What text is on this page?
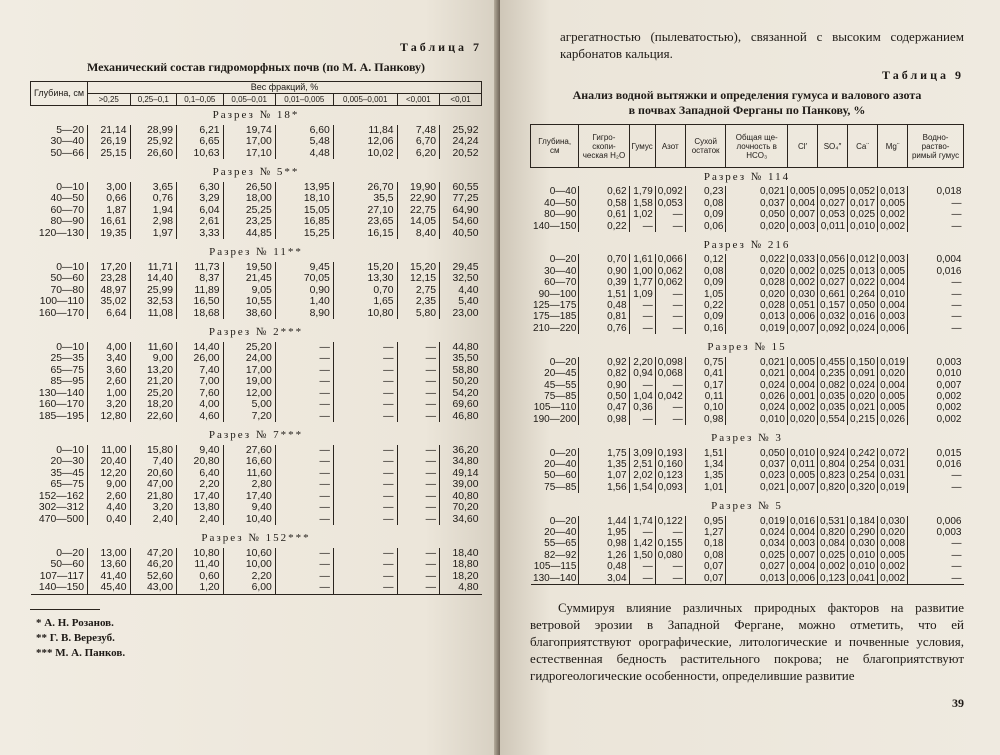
Таблица 7

Механический состав гидроморфных почв (по М. А. Панкову)

Глубина, см	Вес фракций, %							
	>0,25	0,25–0,1	0,1–0,05	0,05–0,01	0,01–0,005	0,005–0,001	<0,001	<0,01
Разрез № 18*								
5—20	21,14	28,99	6,21	19,74	6,60	11,84	7,48	25,92
30—40	26,19	25,92	6,65	17,00	5,48	12,06	6,70	24,24
50—66	25,15	26,60	10,63	17,10	4,48	10,02	6,20	20,52

Разрез № 5**								
0—10	3,00	3,65	6,30	26,50	13,95	26,70	19,90	60,55
40—50	0,66	0,76	3,29	18,00	18,10	35,5	22,90	77,25
60—70	1,87	1,94	6,04	25,25	15,05	27,10	22,75	64,90
80—90	16,61	2,98	2,61	23,25	16,85	23,65	14,05	54,60
120—130	19,35	1,97	3,33	44,85	15,25	16,15	8,40	40,50

Разрез № 11**								
0—10	17,20	11,71	11,73	19,50	9,45	15,20	15,20	29,45
50—60	23,28	14,40	8,37	21,45	70,05	13,30	12,15	32,50
70—80	48,97	25,99	11,89	9,05	0,90	0,70	2,75	4,40
100—110	35,02	32,53	16,50	10,55	1,40	1,65	2,35	5,40
160—170	6,64	11,08	18,68	38,60	8,90	10,80	5,80	23,00

Разрез № 2***								
0—10	4,00	11,60	14,40	25,20	—	—	—	44,80
25—35	3,40	9,00	26,00	24,00	—	—	—	35,50
65—75	3,60	13,20	7,40	17,00	—	—	—	58,80
85—95	2,60	21,20	7,00	19,00	—	—	—	50,20
130—140	1,00	25,20	7,60	12,00	—	—	—	54,20
160—170	3,20	18,20	4,00	5,00	—	—	—	69,60
185—195	12,80	22,60	4,60	7,20	—	—	—	46,80

Разрез № 7***								
0—10	11,00	15,80	9,40	27,60	—	—	—	36,20
20—30	20,40	7,40	20,80	16,60	—	—	—	34,80
35—45	12,20	20,60	6,40	11,60	—	—	—	49,14
65—75	9,00	47,00	2,20	2,80	—	—	—	39,00
152—162	2,60	21,80	17,40	17,40	—	—	—	40,80
302—312	4,40	3,20	13,80	9,40	—	—	—	70,20
470—500	0,40	2,40	2,40	10,40	—	—	—	34,60

Разрез № 152***								
0—20	13,00	47,20	10,80	10,60	—	—	—	18,40
50—60	13,60	46,20	11,40	10,00	—	—	—	18,80
107—117	41,40	52,60	0,60	2,20	—	—	—	18,20
140—150	45,40	43,00	1,20	6,00	—	—	—	4,80
* А. Н. Розанов.
** Г. В. Верезуб.
*** М. А. Панков.

агрегатностью (пылеватостью), связанной с высоким содержанием карбонатов кальция.

Таблица 9

Анализ водной вытяжки и определения гумуса и валового азота в почвах Западной Ферганы по Панкову, %

Глубина, см	Гигро-скопи-ческая H₂O	Гумус	Азот	Сухой остаток	Общая ще-лочность в HCO₃	Cl′	SO₄″	Ca¨	Mg¨	Водно-раство-римый гумус
Разрез № 114										
0—40	0,62	1,79	0,092	0,23	0,021	0,005	0,095	0,052	0,013	0,018
40—50	0,58	1,58	0,053	0,08	0,037	0,004	0,027	0,017	0,005	—
80—90	0,61	1,02	—	0,09	0,050	0,007	0,053	0,025	0,002	—
140—150	0,22	—	—	0,06	0,020	0,003	0,011	0,010	0,002	—

Разрез № 216										
0—20	0,70	1,61	0,066	0,12	0,022	0,033	0,056	0,012	0,003	0,004
30—40	0,90	1,00	0,062	0,08	0,020	0,002	0,025	0,013	0,005	0,016
60—70	0,39	1,77	0,062	0,09	0,028	0,002	0,027	0,022	0,004	—
90—100	1,51	1,09	—	1,05	0,020	0,030	0,661	0,264	0,010	—
125—175	0,48	—	—	0,22	0,028	0,051	0,157	0,050	0,004	—
175—185	0,81	—	—	0,09	0,013	0,006	0,032	0,016	0,003	—
210—220	0,76	—	—	0,16	0,019	0,007	0,092	0,024	0,006	—

Разрез № 15										
0—20	0,92	2,20	0,098	0,75	0,021	0,005	0,455	0,150	0,019	0,003
20—45	0,82	0,94	0,068	0,41	0,021	0,004	0,235	0,091	0,020	0,010
45—55	0,90	—	—	0,17	0,024	0,004	0,082	0,024	0,004	0,007
75—85	0,50	1,04	0,042	0,11	0,026	0,001	0,035	0,020	0,005	0,002
105—110	0,47	0,36	—	0,10	0,024	0,002	0,035	0,021	0,005	0,002
190—200	0,98	—	—	0,98	0,010	0,020	0,554	0,215	0,026	0,002

Разрез № 3										
0—20	1,75	3,09	0,193	1,51	0,050	0,010	0,924	0,242	0,072	0,015
20—40	1,35	2,51	0,160	1,34	0,037	0,011	0,804	0,254	0,031	0,016
50—60	1,07	2,02	0,123	1,35	0,023	0,005	0,823	0,254	0,031	—
75—85	1,56	1,54	0,093	1,01	0,021	0,007	0,820	0,320	0,019	—

Разрез № 5										
0—20	1,44	1,74	0,122	0,95	0,019	0,016	0,531	0,184	0,030	0,006
20—40	1,95	—	—	1,27	0,024	0,004	0,820	0,290	0,020	0,003
55—65	0,98	1,42	0,155	0,18	0,034	0,003	0,084	0,030	0,008	—
82—92	1,26	1,50	0,080	0,08	0,025	0,007	0,025	0,010	0,005	—
105—115	0,48	—	—	0,07	0,027	0,004	0,002	0,010	0,002	—
130—140	3,04	—	—	0,07	0,013	0,006	0,123	0,041	0,002	—

Суммируя влияние различных природных факторов на развитие ветровой эрозии в Западной Фергане, можно отметить, что ей благоприятствуют орографические, литологические и почвенные условия, естественная бедность растительного покрова; не благоприятствуют гидрогеологические особенности, определившие развитие

39
